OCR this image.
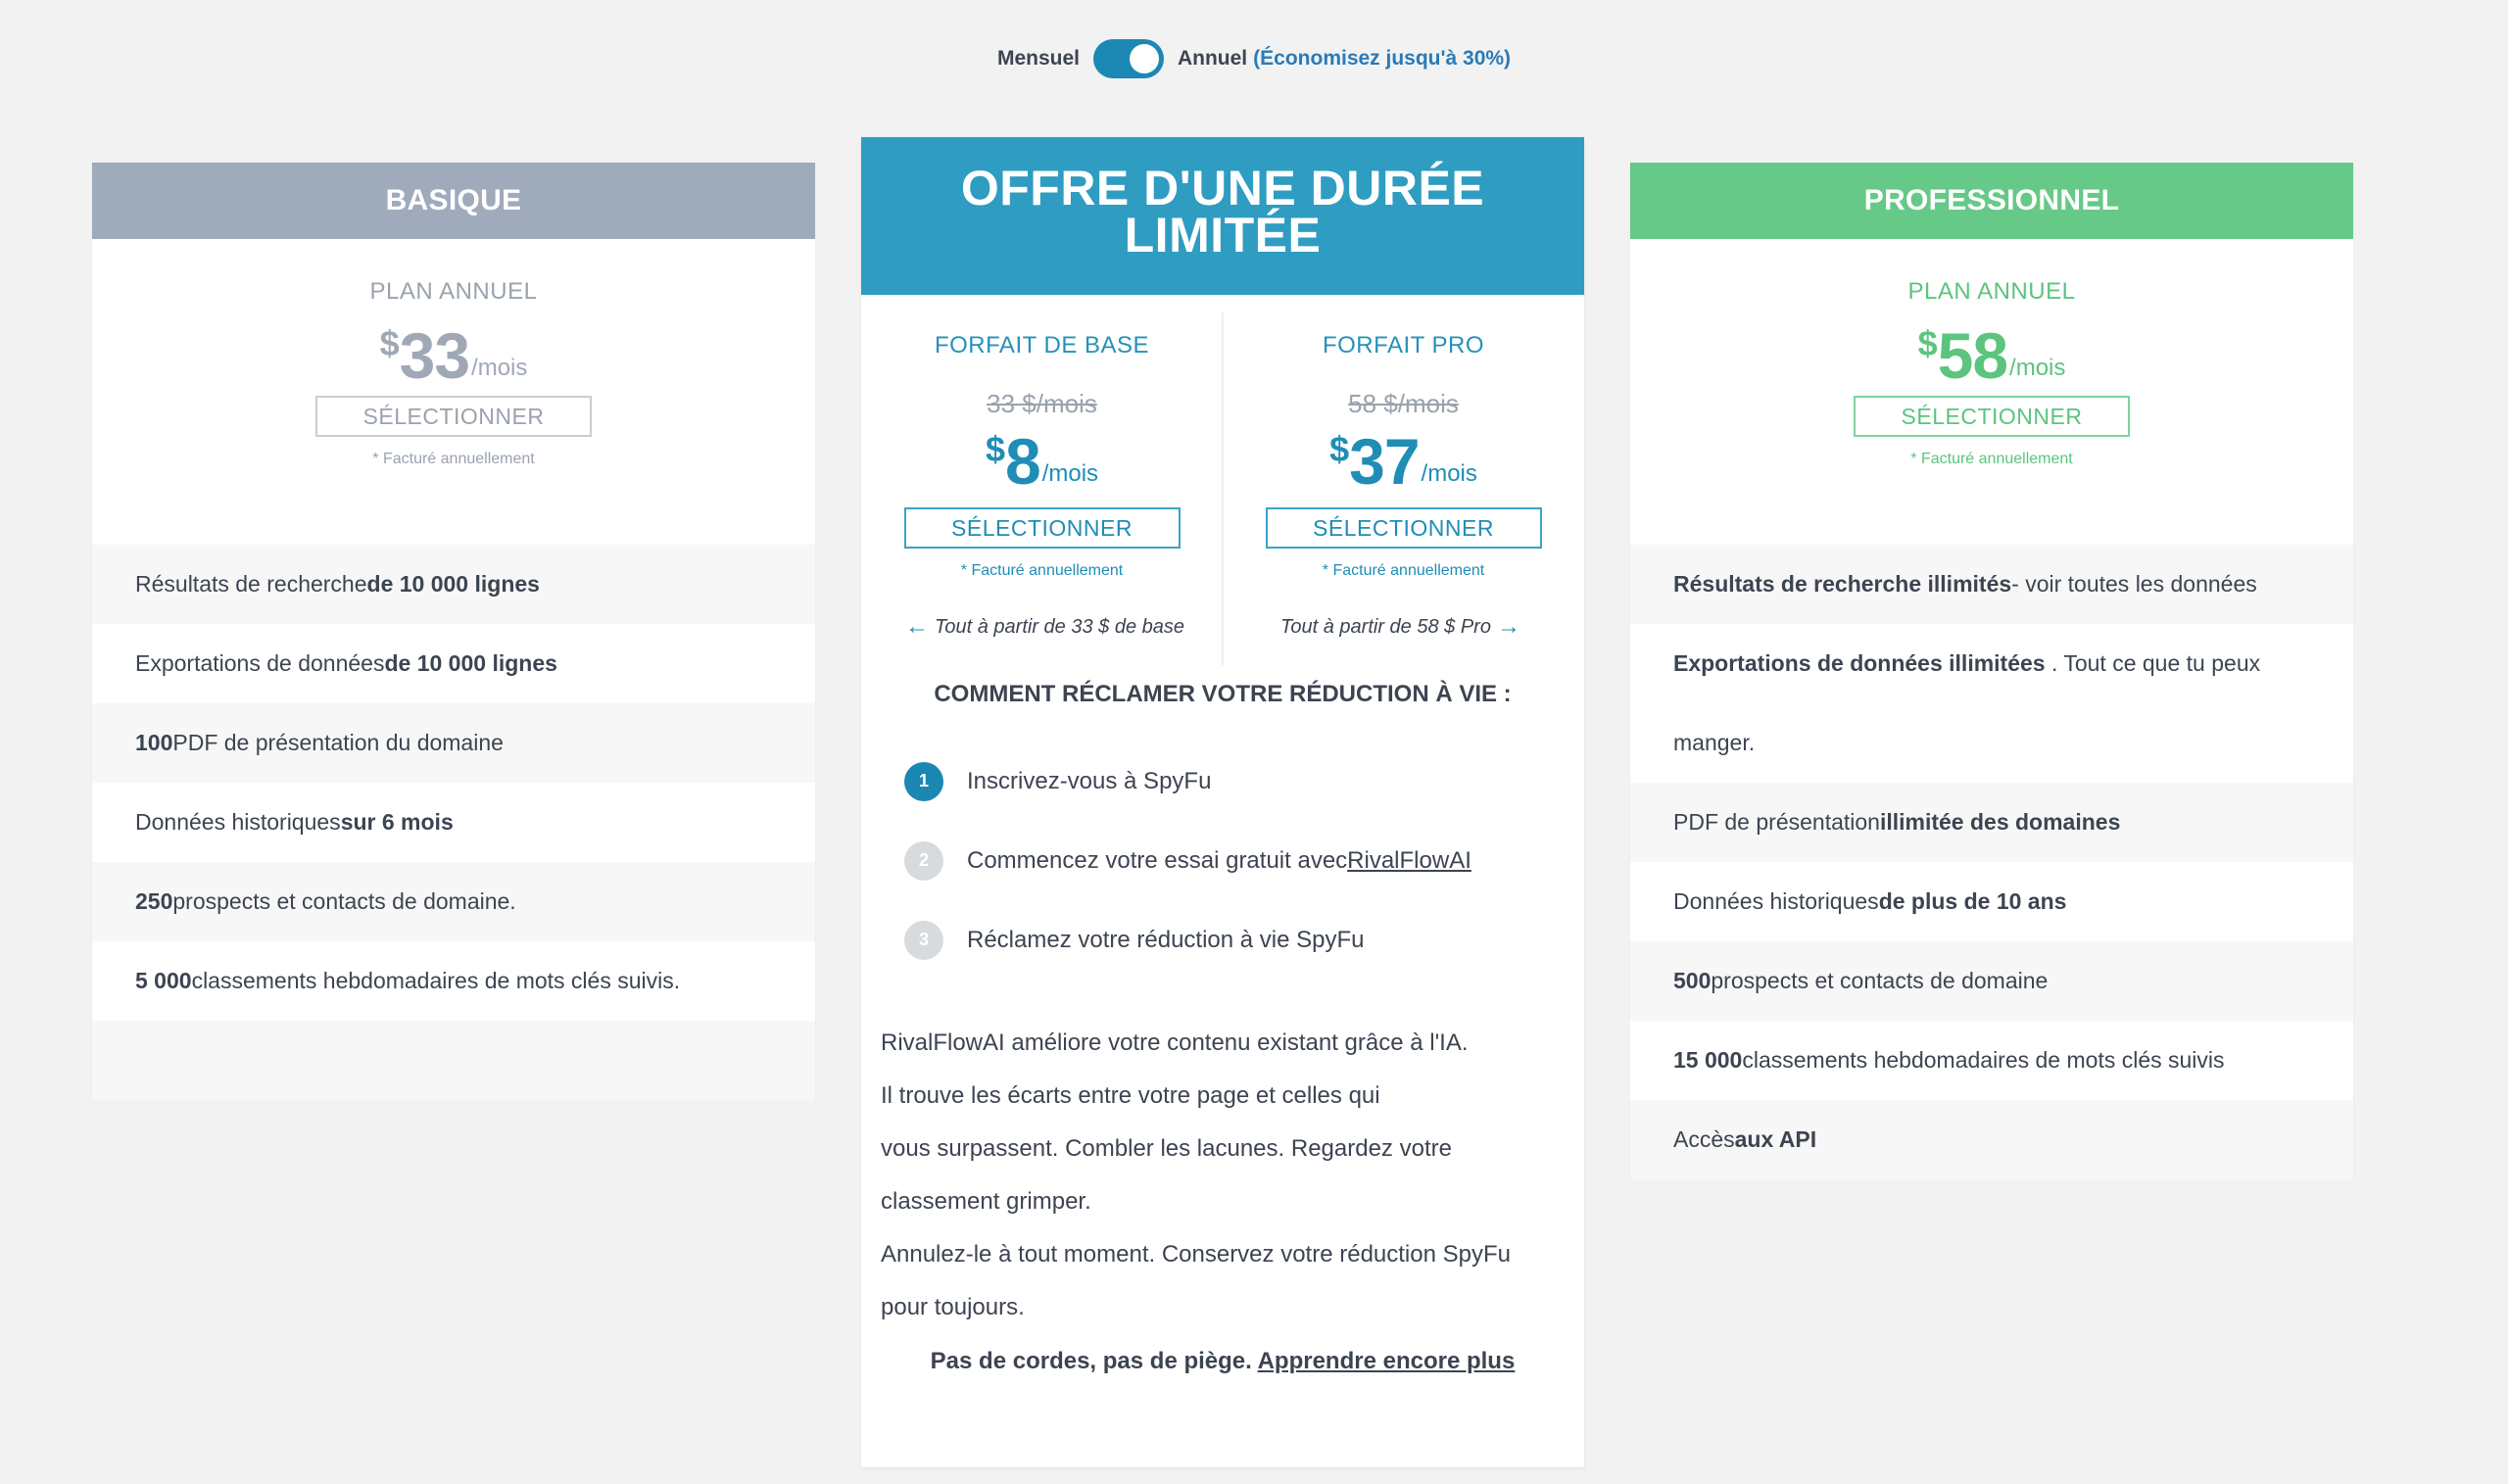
Mensuel	Annuel (Économisez jusqu'à 30%)
BASIQUE
PLAN ANNUEL
$ 33 /mois
SÉLECTIONNER
* Facturé annuellement
Résultats de recherche de 10 000 lignes
Exportations de données de 10 000 lignes
100 PDF de présentation du domaine
Données historiques sur 6 mois
250 prospects et contacts de domaine.
5 000 classements hebdomadaires de mots clés suivis.
OFFRE D'UNE DURÉE
LIMITÉE
FORFAIT DE BASE
33 $/mois
$ 8 /mois
SÉLECTIONNER
* Facturé annuellement
← Tout à partir de 33 $ de base
FORFAIT PRO
58 $/mois
$ 37 /mois
SÉLECTIONNER
* Facturé annuellement
Tout à partir de 58 $ Pro →
COMMENT RÉCLAMER VOTRE RÉDUCTION À VIE :
1	Inscrivez-vous à SpyFu
2	Commencez votre essai gratuit avec RivalFlowAI
3	Réclamez votre réduction à vie SpyFu
RivalFlowAI améliore votre contenu existant grâce à l'IA.
Il trouve les écarts entre votre page et celles qui
vous surpassent. Combler les lacunes. Regardez votre
classement grimper.
Annulez-le à tout moment. Conservez votre réduction SpyFu
pour toujours.
Pas de cordes, pas de piège. Apprendre encore plus
PROFESSIONNEL
PLAN ANNUEL
$ 58 /mois
SÉLECTIONNER
* Facturé annuellement
Résultats de recherche illimités - voir toutes les données
Exportations de données illimitées . Tout ce que tu peux
manger.
PDF de présentation illimitée des domaines
Données historiques de plus de 10 ans
500 prospects et contacts de domaine
15 000 classements hebdomadaires de mots clés suivis
Accès aux API
